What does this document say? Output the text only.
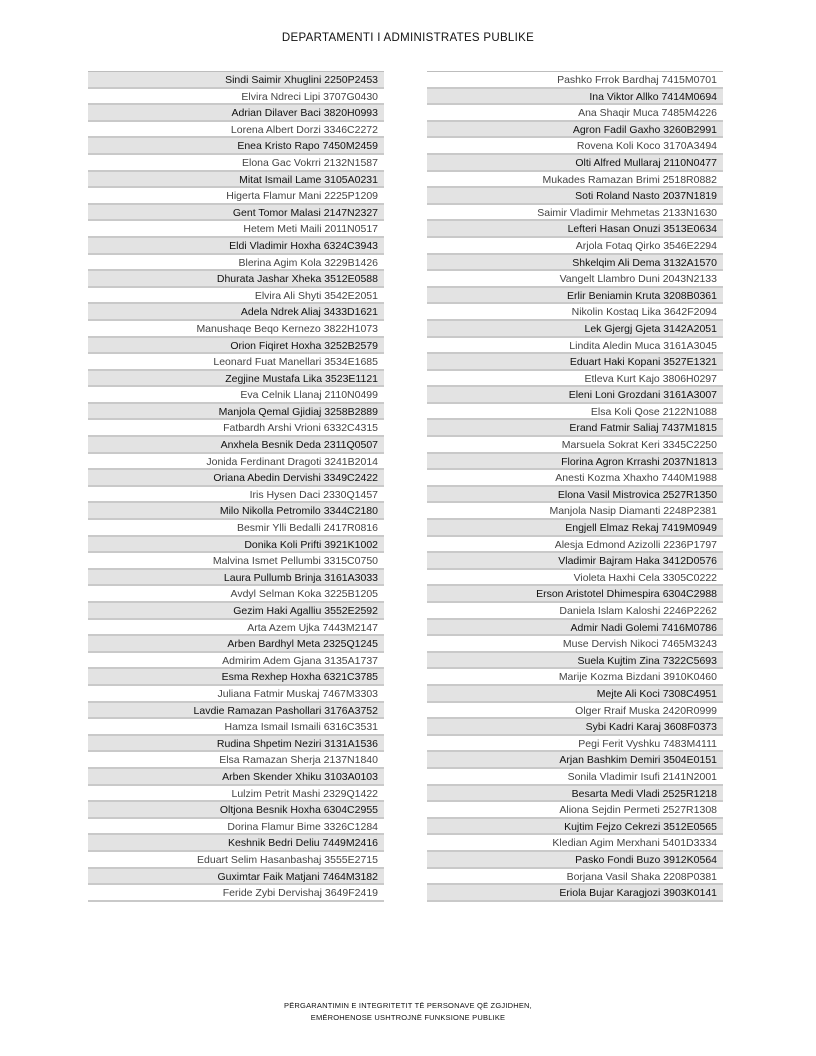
DEPARTAMENTI I ADMINISTRATES PUBLIKE
Sindi Saimir Xhuglini 2250P2453
Elvira Ndreci Lipi 3707G0430
Adrian Dilaver Baci 3820H0993
Lorena Albert Dorzi 3346C2272
Enea Kristo Rapo 7450M2459
Elona Gac Vokrri 2132N1587
Mitat Ismail Lame 3105A0231
Higerta Flamur Mani 2225P1209
Gent Tomor Malasi 2147N2327
Hetem Meti Maili 2011N0517
Eldi Vladimir Hoxha 6324C3943
Blerina Agim Kola 3229B1426
Dhurata Jashar Xheka 3512E0588
Elvira Ali Shyti 3542E2051
Adela Ndrek Aliaj 3433D1621
Manushaqe Beqo Kernezo 3822H1073
Orion Fiqiret Hoxha 3252B2579
Leonard Fuat Manellari 3534E1685
Zegjine Mustafa Lika 3523E1121
Eva Celnik Llanaj 2110N0499
Manjola Qemal Gjidiaj 3258B2889
Fatbardh Arshi Vrioni 6332C4315
Anxhela Besnik Deda 2311Q0507
Jonida Ferdinant Dragoti 3241B2014
Oriana Abedin Dervishi 3349C2422
Iris Hysen Daci 2330Q1457
Milo Nikolla Petromilo 3344C2180
Besmir Ylli Bedalli 2417R0816
Donika Koli Prifti 3921K1002
Malvina Ismet Pellumbi 3315C0750
Laura Pullumb Brinja 3161A3033
Avdyl Selman Koka 3225B1205
Gezim Haki Agalliu 3552E2592
Arta Azem Ujka 7443M2147
Arben Bardhyl Meta 2325Q1245
Admirim Adem Gjana 3135A1737
Esma Rexhep Hoxha 6321C3785
Juliana Fatmir Muskaj 7467M3303
Lavdie Ramazan Pashollari 3176A3752
Hamza Ismail Ismaili 6316C3531
Rudina Shpetim Neziri 3131A1536
Elsa Ramazan Sherja 2137N1840
Arben Skender Xhiku 3103A0103
Lulzim Petrit Mashi 2329Q1422
Oltjona Besnik Hoxha 6304C2955
Dorina Flamur Bime 3326C1284
Keshnik Bedri Deliu 7449M2416
Eduart Selim Hasanbashaj 3555E2715
Guximtar Faik Matjani 7464M3182
Feride Zybi Dervishaj 3649F2419
Pashko Frrok Bardhaj 7415M0701
Ina Viktor Allko 7414M0694
Ana Shaqir Muca 7485M4226
Agron Fadil Gaxho 3260B2991
Rovena Koli Koco 3170A3494
Olti Alfred Mullaraj 2110N0477
Mukades Ramazan Brimi 2518R0882
Soti Roland Nasto 2037N1819
Saimir Vladimir Mehmetas 2133N1630
Lefteri Hasan Onuzi 3513E0634
Arjola Fotaq Qirko 3546E2294
Shkelqim Ali Dema 3132A1570
Vangelt Llambro Duni 2043N2133
Erlir Beniamin Kruta 3208B0361
Nikolin Kostaq Lika 3642F2094
Lek Gjergj Gjeta 3142A2051
Lindita Aledin Muca 3161A3045
Eduart Haki Kopani 3527E1321
Etleva Kurt Kajo 3806H0297
Eleni Loni Grozdani 3161A3007
Elsa Koli Qose 2122N1088
Erand Fatmir Saliaj 7437M1815
Marsuela Sokrat Keri 3345C2250
Florina Agron Krrashi 2037N1813
Anesti Kozma Xhaxho 7440M1988
Elona Vasil Mistrovica 2527R1350
Manjola Nasip Diamanti 2248P2381
Engjell Elmaz Rekaj 7419M0949
Alesja Edmond Azizolli 2236P1797
Vladimir Bajram Haka 3412D0576
Violeta Haxhi Cela 3305C0222
Erson Aristotel Dhimespira 6304C2988
Daniela Islam Kaloshi 2246P2262
Admir Nadi Golemi 7416M0786
Muse Dervish Nikoci 7465M3243
Suela Kujtim Zina 7322C5693
Marije Kozma Bizdani 3910K0460
Mejte Ali Koci 7308C4951
Olger Rraif Muska 2420R0999
Sybi Kadri Karaj 3608F0373
Pegi Ferit Vyshku 7483M4111
Arjan Bashkim Demiri 3504E0151
Sonila Vladimir Isufi 2141N2001
Besarta Medi Vladi 2525R1218
Aliona Sejdin Permeti 2527R1308
Kujtim Fejzo Cekrezi 3512E0565
Kledian Agim Merxhani 5401D3334
Pasko Fondi Buzo 3912K0564
Borjana Vasil Shaka 2208P0381
Eriola Bujar Karagjozi 3903K0141
PËRGARANTIMIN E INTEGRITETIT TË PERSONAVE QË ZGJIDHEN,
EMËROHENOSE USHTROJNË FUNKSIONE PUBLIKE
